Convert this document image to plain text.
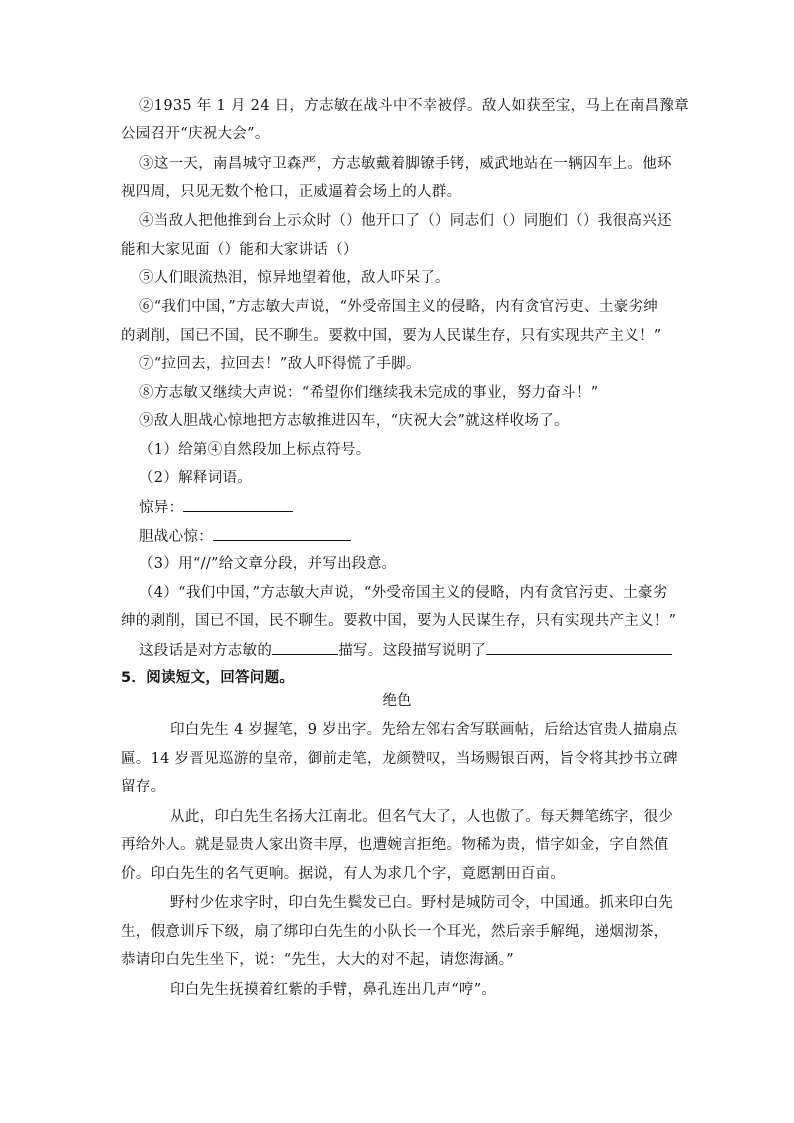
②1935 年 1 月 24 日，方志敏在战斗中不幸被俘。敌人如获至宝，马上在南昌豫章
公园召开“庆祝大会”。
③这一天，南昌城守卫森严，方志敏戴着脚镣手铐，威武地站在一辆囚车上。他环
视四周，只见无数个枪口，正威逼着会场上的人群。
④当敌人把他推到台上示众时（）他开口了（）同志们（）同胞们（）我很高兴还
能和大家见面（）能和大家讲话（）
⑤人们眼流热泪，惊异地望着他，敌人吓呆了。
⑥“我们中国，”方志敏大声说，“外受帝国主义的侵略，内有贪官污吏、土豪劣绅
的剥削，国已不国，民不聊生。要救中国，要为人民谋生存，只有实现共产主义！”
⑦“拉回去，拉回去！”敌人吓得慌了手脚。
⑧方志敏又继续大声说：“希望你们继续我未完成的事业，努力奋斗！”
⑨敌人胆战心惊地把方志敏推进囚车，“庆祝大会”就这样收场了。
（1）给第④自然段加上标点符号。
（2）解释词语。
惊异：
胆战心惊：
（3）用“//”给文章分段，并写出段意。
（4）“我们中国，”方志敏大声说，“外受帝国主义的侵略，内有贪官污吏、土豪劣
绅的剥削，国已不国，民不聊生。要救中国，要为人民谋生存，只有实现共产主义！”
这段话是对方志敏的	描写。这段描写说明了
5．阅读短文，回答问题。
绝色
印白先生 4 岁握笔，9 岁出字。先给左邻右舍写联画帖，后给达官贵人描扇点
匾。14 岁晋见巡游的皇帝，御前走笔，龙颜赞叹，当场赐银百两，旨令将其抄书立碑
留存。
从此，印白先生名扬大江南北。但名气大了，人也傲了。每天舞笔练字，很少
再给外人。就是显贵人家出资丰厚，也遭婉言拒绝。物稀为贵，惜字如金，字自然值
价。印白先生的名气更响。据说，有人为求几个字，竟愿割田百亩。
野村少佐求字时，印白先生鬓发已白。野村是城防司令，中国通。抓来印白先
生，假意训斥下级，扇了绑印白先生的小队长一个耳光，然后亲手解绳，递烟沏茶，
恭请印白先生坐下，说：“先生，大大的对不起，请您海涵。”
印白先生抚摸着红紫的手臂，鼻孔连出几声“哼”。
